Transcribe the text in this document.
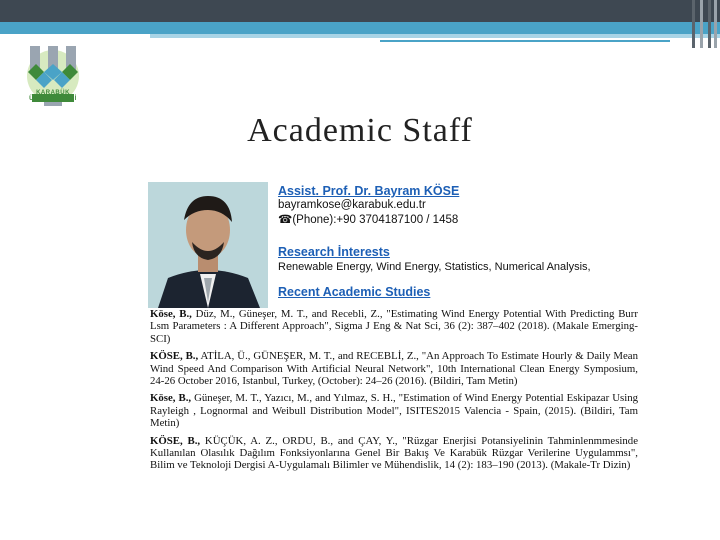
KARABÜK ÜNİVERSİTESİ
Academic Staff
Assist. Prof. Dr. Bayram KÖSE
bayramkose@karabuk.edu.tr
☎(Phone):+90 3704187100 / 1458
Research İnterests
Renewable Energy, Wind Energy, Statistics, Numerical Analysis,
Recent Academic Studies
Köse, B., Düz, M., Güneşer, M. T., and Recebli, Z., "Estimating Wind Energy Potential With Predicting Burr Lsm Parameters : A Different Approach", Sigma J Eng & Nat Sci, 36 (2): 387–402 (2018). (Makale Emerging-SCI)
KÖSE, B., ATİLA, Ü., GÜNEŞER, M. T., and RECEBLİ, Z., "An Approach To Estimate Hourly & Daily Mean Wind Speed And Comparison With Artificial Neural Network", 10th International Clean Energy Symposium, 24-26 October 2016, Istanbul, Turkey, (October): 24–26 (2016). (Bildiri, Tam Metin)
Köse, B., Güneşer, M. T., Yazıcı, M., and Yılmaz, S. H., "Estimation of Wind Energy Potential Eskipazar Using Rayleigh , Lognormal and Weibull Distribution Model", ISITES2015 Valencia - Spain, (2015). (Bildiri, Tam Metin)
KÖSE, B., KÜÇÜK, A. Z., ORDU, B., and ÇAY, Y., "Rüzgar Enerjisi Potansiyelinin Tahminlenmmesinde Kullanılan Olasılık Dağılım Fonksiyonlarına Genel Bir Bakış Ve Karabük Rüzgar Verilerine Uygulammsı", Bilim ve Teknoloji Dergisi A-Uygulamalı Bilimler ve Mühendislik, 14 (2): 183–190 (2013). (Makale-Tr Dizin)
